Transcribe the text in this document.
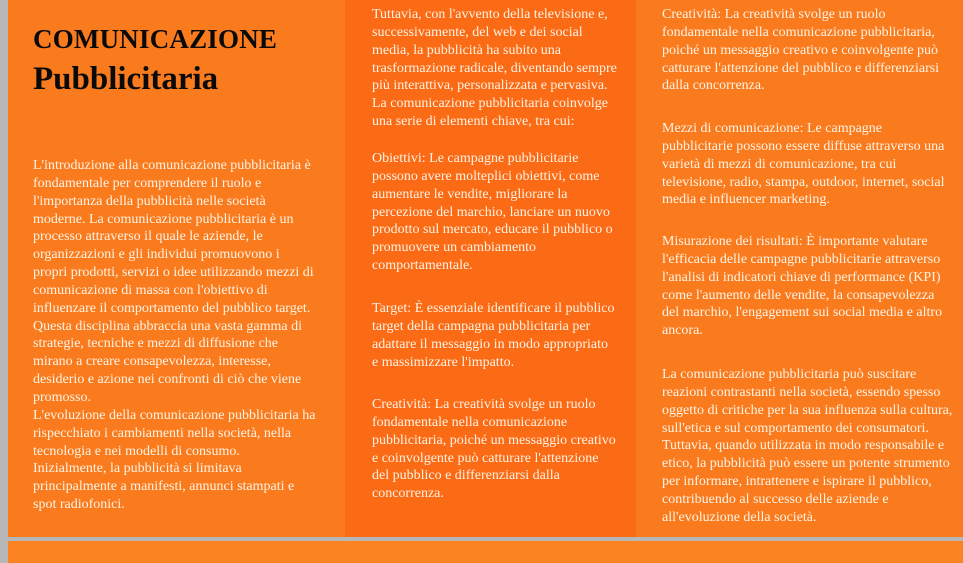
COMUNICAZIONE
Pubblicitaria

L'introduzione alla comunicazione pubblicitaria è
fondamentale per comprendere il ruolo e
l'importanza della pubblicità nelle società
moderne. La comunicazione pubblicitaria è un
processo attraverso il quale le aziende, le
organizzazioni e gli individui promuovono i
propri prodotti, servizi o idee utilizzando mezzi di
comunicazione di massa con l'obiettivo di
influenzare il comportamento del pubblico target.
Questa disciplina abbraccia una vasta gamma di
strategie, tecniche e mezzi di diffusione che
mirano a creare consapevolezza, interesse,
desiderio e azione nei confronti di ciò che viene
promosso.
L'evoluzione della comunicazione pubblicitaria ha
rispecchiato i cambiamenti nella società, nella
tecnologia e nei modelli di consumo.
Inizialmente, la pubblicità si limitava
principalmente a manifesti, annunci stampati e
spot radiofonici.

Tuttavia, con l'avvento della televisione e,
successivamente, del web e dei social
media, la pubblicità ha subito una
trasformazione radicale, diventando sempre
più interattiva, personalizzata e pervasiva.
La comunicazione pubblicitaria coinvolge
una serie di elementi chiave, tra cui:

Obiettivi: Le campagne pubblicitarie
possono avere molteplici obiettivi, come
aumentare le vendite, migliorare la
percezione del marchio, lanciare un nuovo
prodotto sul mercato, educare il pubblico o
promuovere un cambiamento
comportamentale.

Target: È essenziale identificare il pubblico
target della campagna pubblicitaria per
adattare il messaggio in modo appropriato
e massimizzare l'impatto.

Creatività: La creatività svolge un ruolo
fondamentale nella comunicazione
pubblicitaria, poiché un messaggio creativo
e coinvolgente può catturare l'attenzione
del pubblico e differenziarsi dalla
concorrenza.

Creatività: La creatività svolge un ruolo
fondamentale nella comunicazione pubblicitaria,
poiché un messaggio creativo e coinvolgente può
catturare l'attenzione del pubblico e differenziarsi
dalla concorrenza.

Mezzi di comunicazione: Le campagne
pubblicitarie possono essere diffuse attraverso una
varietà di mezzi di comunicazione, tra cui
televisione, radio, stampa, outdoor, internet, social
media e influencer marketing.

Misurazione dei risultati: È importante valutare
l'efficacia delle campagne pubblicitarie attraverso
l'analisi di indicatori chiave di performance (KPI)
come l'aumento delle vendite, la consapevolezza
del marchio, l'engagement sui social media e altro
ancora.

La comunicazione pubblicitaria può suscitare
reazioni contrastanti nella società, essendo spesso
oggetto di critiche per la sua influenza sulla cultura,
sull'etica e sul comportamento dei consumatori.
Tuttavia, quando utilizzata in modo responsabile e
etico, la pubblicità può essere un potente strumento
per informare, intrattenere e ispirare il pubblico,
contribuendo al successo delle aziende e
all'evoluzione della società.
